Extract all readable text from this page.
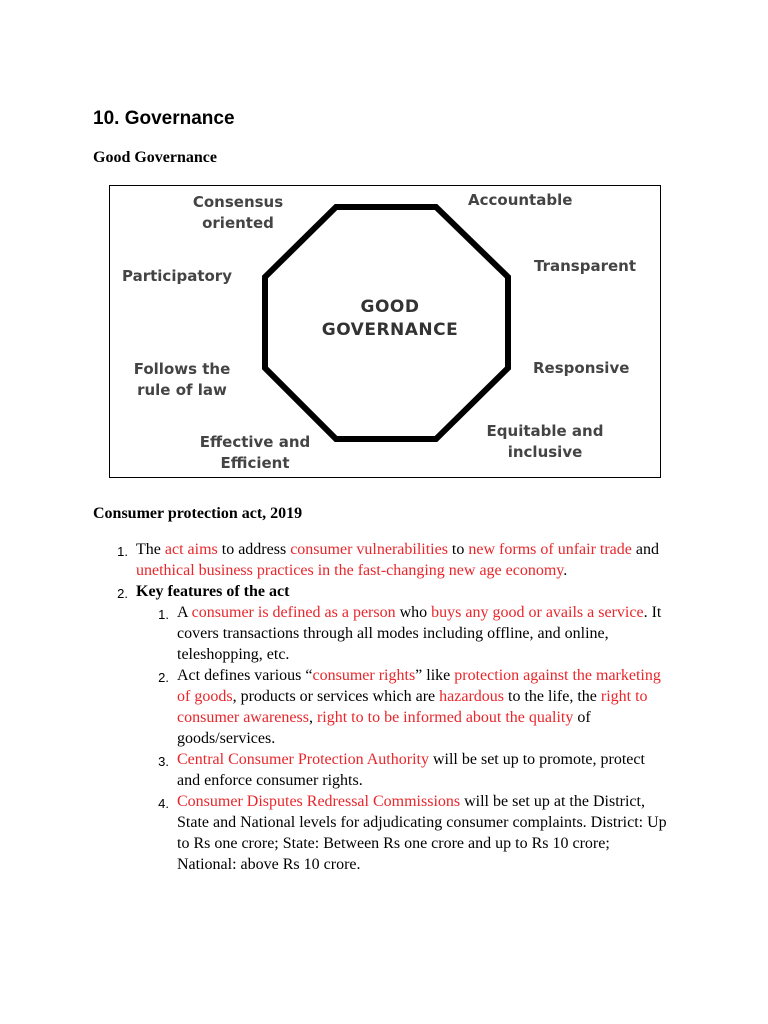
10. Governance
Good Governance
GOOD
GOVERNANCE
Consensus
oriented
Accountable
Participatory
Transparent
Follows the
rule of law
Responsive
Effective and
Efficient
Equitable and
inclusive
Consumer protection act, 2019
1. The act aims to address consumer vulnerabilities to new forms of unfair trade and unethical business practices in the fast-changing new age economy.
2. Key features of the act
1. A consumer is defined as a person who buys any good or avails a service. It covers transactions through all modes including offline, and online, teleshopping, etc.
2. Act defines various “consumer rights” like protection against the marketing of goods, products or services which are hazardous to the life, the right to consumer awareness, right to to be informed about the quality of goods/services.
3. Central Consumer Protection Authority will be set up to promote, protect and enforce consumer rights.
4. Consumer Disputes Redressal Commissions will be set up at the District, State and National levels for adjudicating consumer complaints. District: Up to Rs one crore; State: Between Rs one crore and up to Rs 10 crore; National: above Rs 10 crore.
